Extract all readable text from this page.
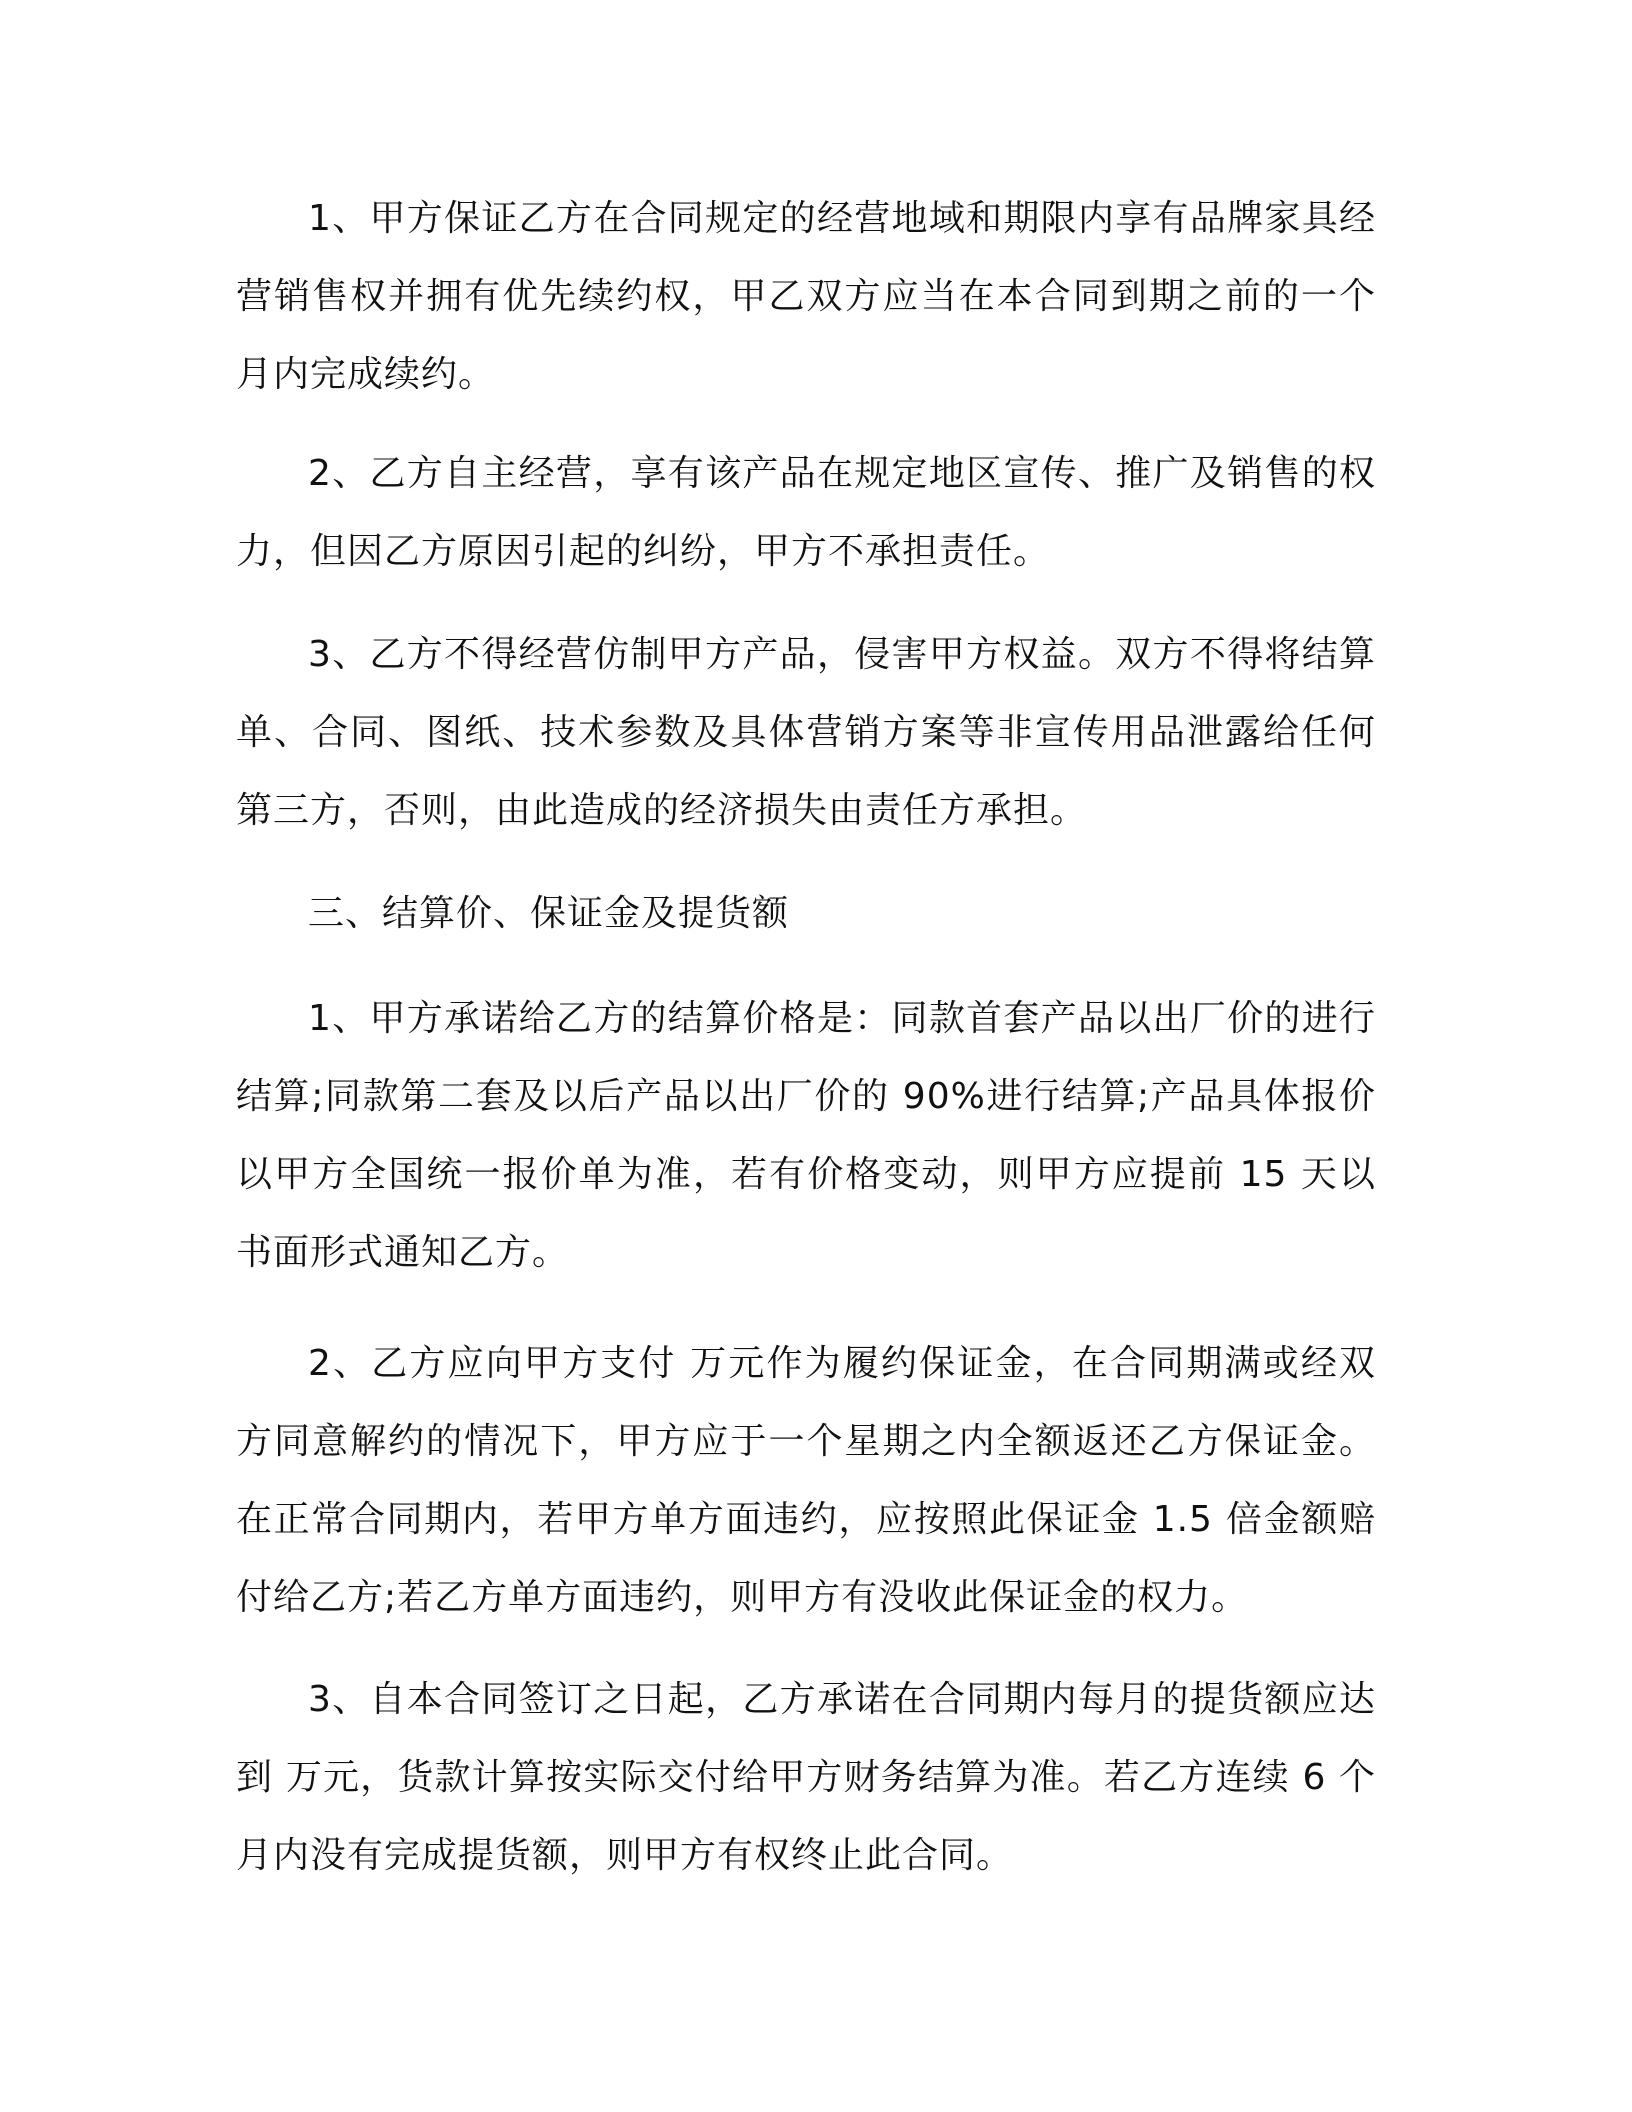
1、甲方保证乙方在合同规定的经营地域和期限内享有品牌家具经营销售权并拥有优先续约权，甲乙双方应当在本合同到期之前的一个月内完成续约。

2、乙方自主经营，享有该产品在规定地区宣传、推广及销售的权力，但因乙方原因引起的纠纷，甲方不承担责任。

3、乙方不得经营仿制甲方产品，侵害甲方权益。双方不得将结算单、合同、图纸、技术参数及具体营销方案等非宣传用品泄露给任何第三方，否则，由此造成的经济损失由责任方承担。

三、结算价、保证金及提货额

1、甲方承诺给乙方的结算价格是：同款首套产品以出厂价的进行结算;同款第二套及以后产品以出厂价的 90%进行结算;产品具体报价以甲方全国统一报价单为准，若有价格变动，则甲方应提前 15 天以书面形式通知乙方。

2、乙方应向甲方支付 万元作为履约保证金，在合同期满或经双方同意解约的情况下，甲方应于一个星期之内全额返还乙方保证金。在正常合同期内，若甲方单方面违约，应按照此保证金 1.5 倍金额赔付给乙方;若乙方单方面违约，则甲方有没收此保证金的权力。

3、自本合同签订之日起，乙方承诺在合同期内每月的提货额应达到 万元，货款计算按实际交付给甲方财务结算为准。若乙方连续 6 个月内没有完成提货额，则甲方有权终止此合同。
